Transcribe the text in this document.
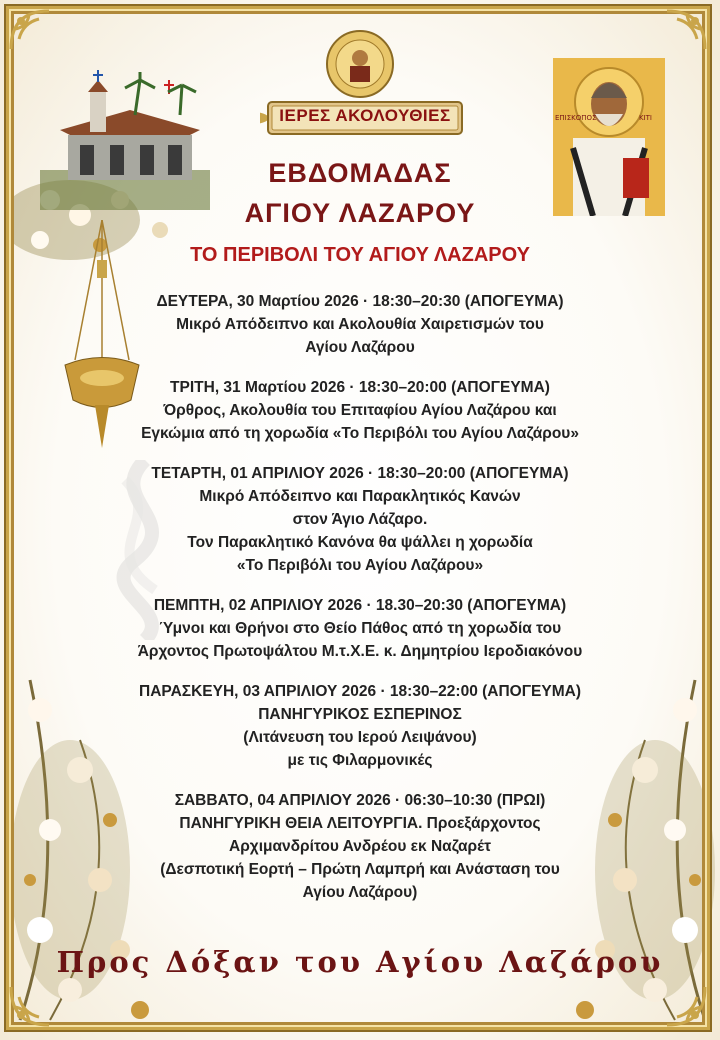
ΕΠΙΣΚΟΠΟΣ	ΚΙΤΙ
ΙΕΡΕΣ ΑΚΟΛΟΥΘΙΕΣ
ΕΒΔΟΜΑΔΑΣ
ΑΓΙΟΥ ΛΑΖΑΡΟΥ
ΤΟ ΠΕΡΙΒΟΛΙ ΤΟΥ ΑΓΙΟΥ ΛΑΖΑΡΟΥ
ΔΕΥΤΕΡΑ, 30 Μαρτίου 2026 · 18:30–20:30 (ΑΠΟΓΕΥΜΑ)
Μικρό Απόδειπνο και Ακολουθία Χαιρετισμών του
Αγίου Λαζάρου
ΤΡΙΤΗ, 31 Μαρτίου 2026 · 18:30–20:00 (ΑΠΟΓΕΥΜΑ)
Όρθρος, Ακολουθία του Επιταφίου Αγίου Λαζάρου και
Εγκώμια από τη χορωδία «Το Περιβόλι του Αγίου Λαζάρου»
ΤΕΤΑΡΤΗ, 01 ΑΠΡΙΛΙΟΥ 2026 · 18:30–20:00 (ΑΠΟΓΕΥΜΑ)
Μικρό Απόδειπνο και Παρακλητικός Κανών
στον Άγιο Λάζαρο.
Τον Παρακλητικό Κανόνα θα ψάλλει η χορωδία
«Το Περιβόλι του Αγίου Λαζάρου»
ΠΕΜΠΤΗ, 02 ΑΠΡΙΛΙΟΥ 2026 · 18.30–20:30 (ΑΠΟΓΕΥΜΑ)
Ύμνοι και Θρήνοι στο Θείο Πάθος από τη χορωδία του
Άρχοντος Πρωτοψάλτου Μ.τ.Χ.Ε. κ. Δημητρίου Ιεροδιακόνου
ΠΑΡΑΣΚΕΥΗ, 03 ΑΠΡΙΛΙΟΥ 2026 · 18:30–22:00 (ΑΠΟΓΕΥΜΑ)
ΠΑΝΗΓΥΡΙΚΟΣ ΕΣΠΕΡΙΝΟΣ
(Λιτάνευση του Ιερού Λειψάνου)
με τις Φιλαρμονικές
ΣΑΒΒΑΤΟ, 04 ΑΠΡΙΛΙΟΥ 2026 · 06:30–10:30 (ΠΡΩΙ)
ΠΑΝΗΓΥΡΙΚΗ ΘΕΙΑ ΛΕΙΤΟΥΡΓΙΑ. Προεξάρχοντος
Αρχιμανδρίτου Ανδρέου εκ Ναζαρέτ
(Δεσποτική Εορτή – Πρώτη Λαμπρή και Ανάσταση του
Αγίου Λαζάρου)
Προς Δόξαν του Αγίου Λαζάρου
